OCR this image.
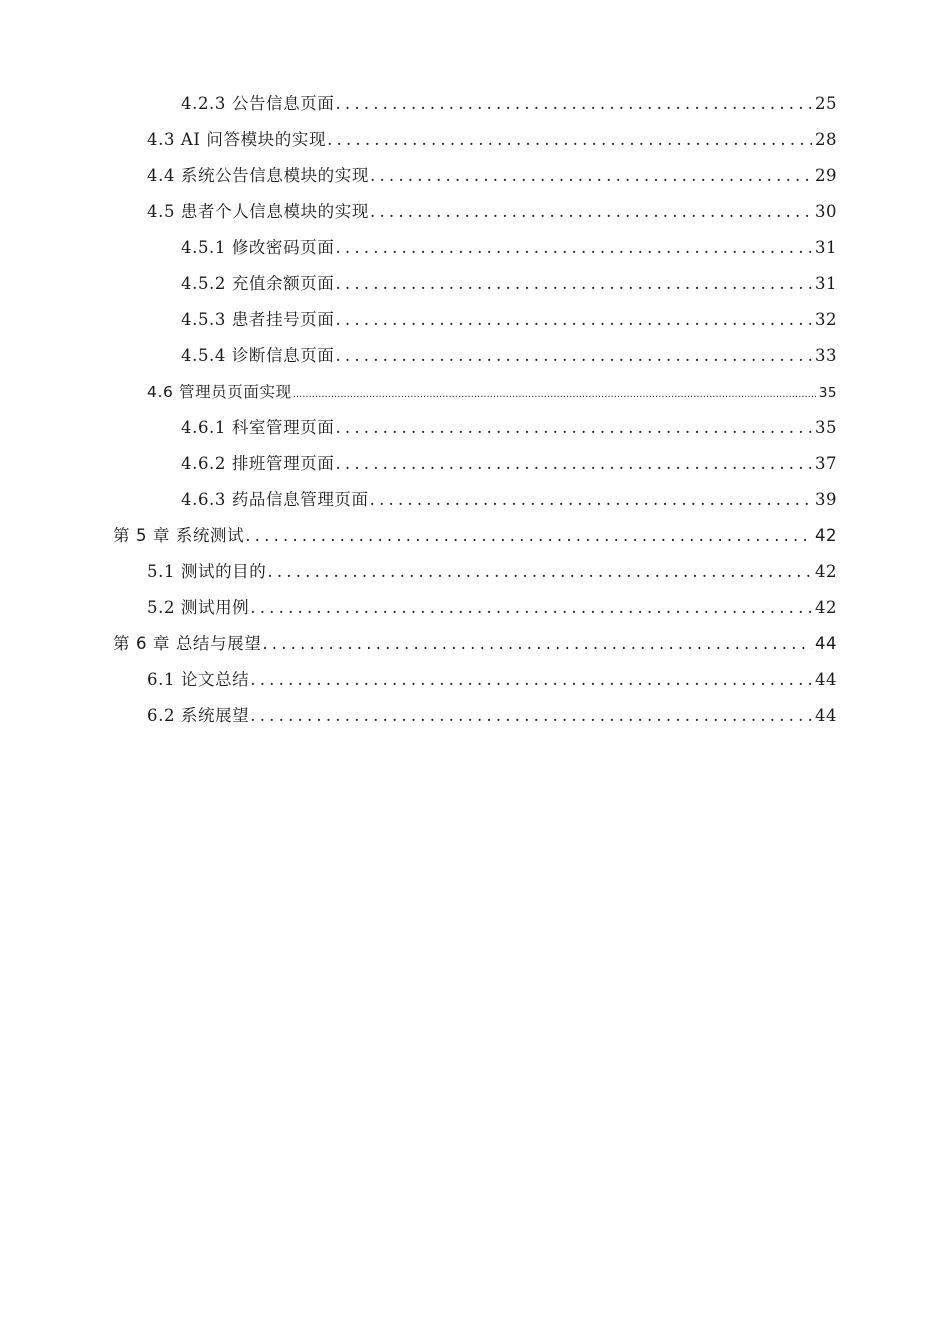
4.2.3 公告信息页面 .....	25
4.3 AI 问答模块的实现 .....	28
4.4 系统公告信息模块的实现 .....	29
4.5 患者个人信息模块的实现 .....	30
4.5.1 修改密码页面 .....	31
4.5.2 充值余额页面 .....	31
4.5.3 患者挂号页面 .....	32
4.5.4 诊断信息页面 .....	33
4.6 管理员页面实现 .....	35
4.6.1 科室管理页面 .....	35
4.6.2 排班管理页面 .....	37
4.6.3 药品信息管理页面 .....	39
第 5 章 系统测试 .....	42
5.1 测试的目的 .....	42
5.2 测试用例 .....	42
第 6 章 总结与展望 .....	44
6.1 论文总结 .....	44
6.2 系统展望 .....	44
